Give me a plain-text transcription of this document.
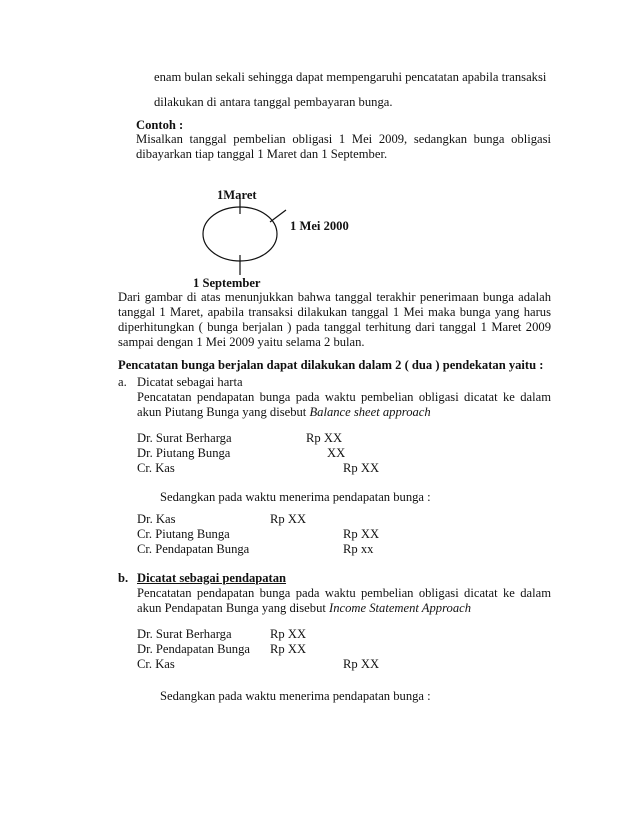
enam bulan sekali sehingga dapat mempengaruhi pencatatan apabila transaksi
dilakukan di antara tanggal pembayaran bunga.
Contoh :
Misalkan tanggal pembelian obligasi 1 Mei 2009, sedangkan bunga obligasi
dibayarkan tiap tanggal 1 Maret dan 1 September.
1Maret
1 Mei 2000
1 September
Dari gambar di atas menunjukkan bahwa tanggal terakhir penerimaan bunga adalah
tanggal 1 Maret, apabila transaksi dilakukan tanggal 1 Mei maka bunga yang harus
diperhitungkan ( bunga berjalan ) pada tanggal terhitung dari tanggal 1 Maret 2009
sampai dengan 1 Mei 2009 yaitu selama 2 bulan.
Pencatatan bunga berjalan dapat dilakukan dalam 2 ( dua ) pendekatan yaitu :
a. Dicatat sebagai harta
Pencatatan pendapatan bunga pada waktu pembelian obligasi dicatat ke dalam
akun Piutang Bunga yang disebut Balance sheet approach
Dr. Surat Berharga	Rp XX
Dr. Piutang Bunga	XX
Cr. Kas	Rp XX
Sedangkan pada waktu menerima pendapatan bunga :
Dr. Kas	Rp XX
Cr. Piutang Bunga	Rp XX
Cr. Pendapatan Bunga	Rp xx
b. Dicatat sebagai pendapatan
Pencatatan pendapatan bunga pada waktu pembelian obligasi dicatat ke dalam
akun Pendapatan Bunga yang disebut Income Statement Approach
Dr. Surat Berharga	Rp XX
Dr. Pendapatan Bunga Rp XX
Cr. Kas	Rp XX
Sedangkan pada waktu menerima pendapatan bunga :
